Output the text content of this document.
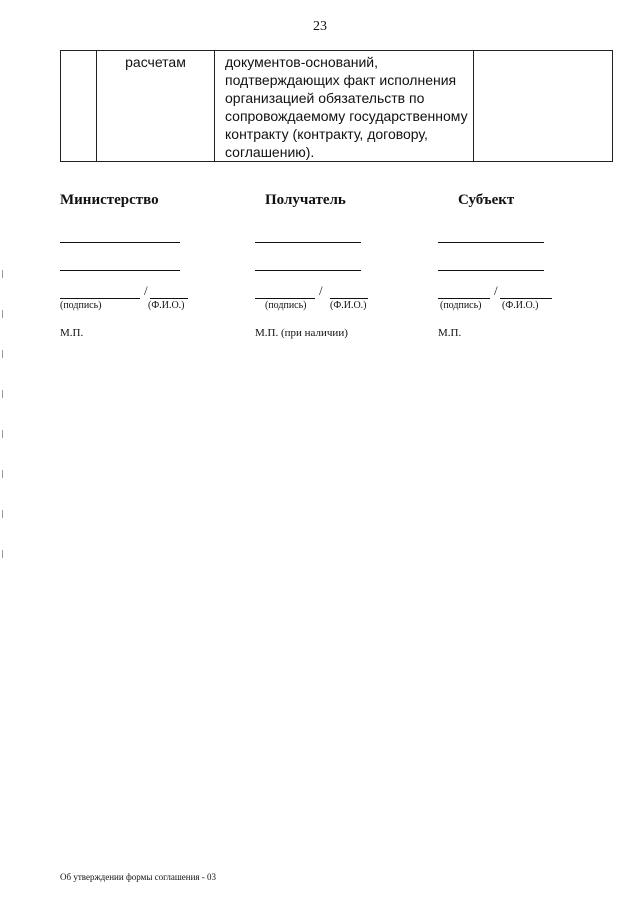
23
	расчетам	документов-оснований,
подтверждающих факт исполнения
организацией обязательств по
сопровождаемому государственному
контракту (контракту, договору,
соглашению).	
Министерство
/
(подпись)	(Ф.И.О.)
М.П.
Получатель
/
(подпись) (Ф.И.О.)
М.П. (при наличии)
Субъект
/
(подпись) (Ф.И.О.)
М.П.
Об утверждении формы соглашения - 03
